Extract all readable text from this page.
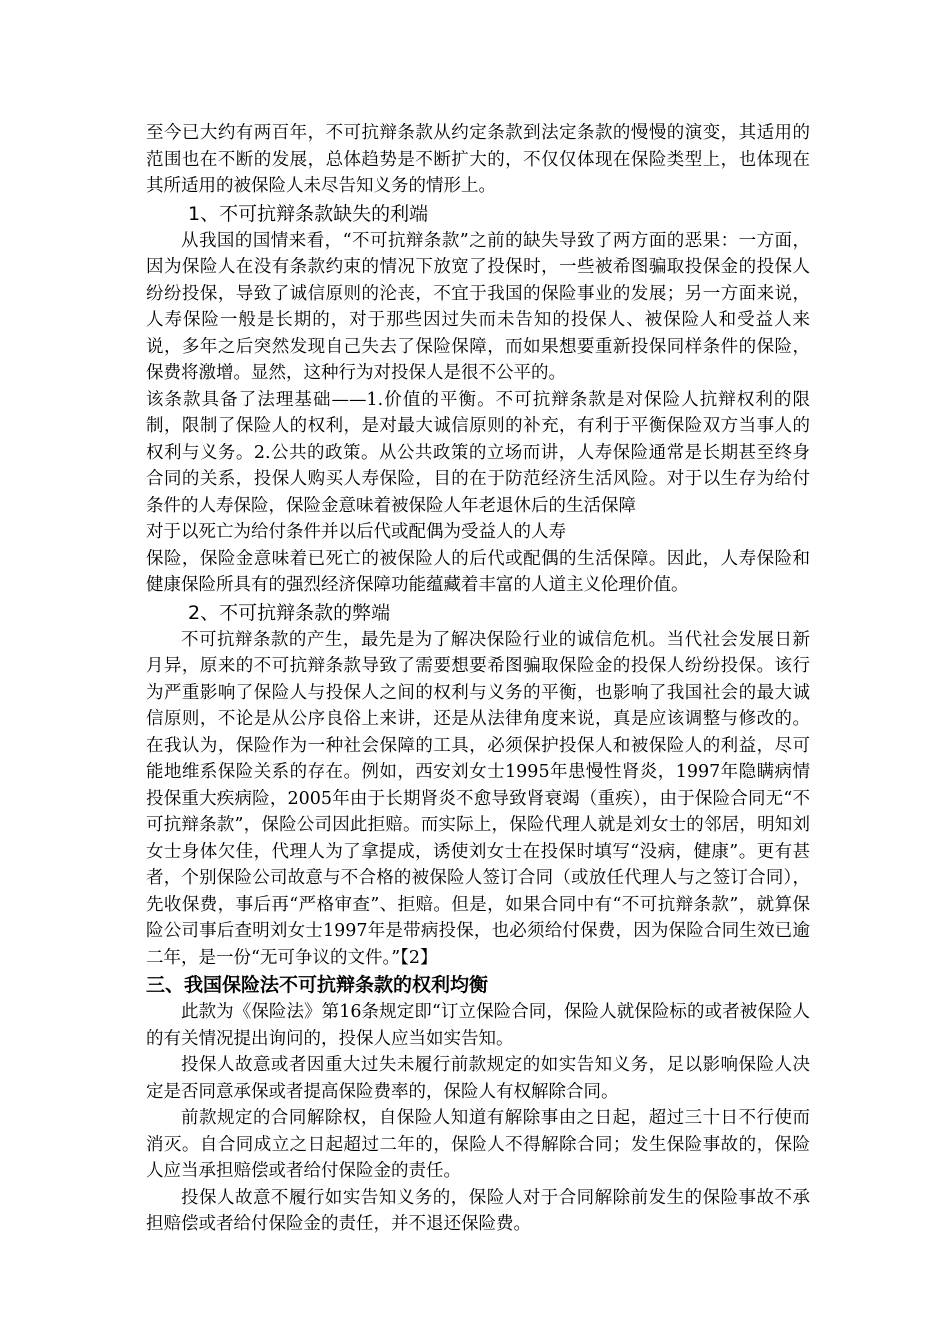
至今已大约有两百年，不可抗辩条款从约定条款到法定条款的慢慢的演变，其适用的范围也在不断的发展，总体趋势是不断扩大的，不仅仅体现在保险类型上，也体现在其所适用的被保险人未尽告知义务的情形上。

1、不可抗辩条款缺失的利端

从我国的国情来看，“不可抗辩条款”之前的缺失导致了两方面的恶果：一方面，因为保险人在没有条款约束的情况下放宽了投保时，一些被希图骗取投保金的投保人纷纷投保，导致了诚信原则的沦丧，不宜于我国的保险事业的发展；另一方面来说，人寿保险一般是长期的，对于那些因过失而未告知的投保人、被保险人和受益人来说，多年之后突然发现自己失去了保险保障，而如果想要重新投保同样条件的保险，保费将激增。显然，这种行为对投保人是很不公平的。

该条款具备了法理基础——1.价值的平衡。不可抗辩条款是对保险人抗辩权利的限制，限制了保险人的权利，是对最大诚信原则的补充，有利于平衡保险双方当事人的权利与义务。2.公共的政策。从公共政策的立场而讲，人寿保险通常是长期甚至终身合同的关系，投保人购买人寿保险，目的在于防范经济生活风险。对于以生存为给付条件的人寿保险，保险金意味着被保险人年老退休后的生活保障

对于以死亡为给付条件并以后代或配偶为受益人的人寿

保险，保险金意味着已死亡的被保险人的后代或配偶的生活保障。因此，人寿保险和健康保险所具有的强烈经济保障功能蕴藏着丰富的人道主义伦理价值。

2、不可抗辩条款的弊端

不可抗辩条款的产生，最先是为了解决保险行业的诚信危机。当代社会发展日新月异，原来的不可抗辩条款导致了需要想要希图骗取保险金的投保人纷纷投保。该行为严重影响了保险人与投保人之间的权利与义务的平衡，也影响了我国社会的最大诚信原则，不论是从公序良俗上来讲，还是从法律角度来说，真是应该调整与修改的。在我认为，保险作为一种社会保障的工具，必须保护投保人和被保险人的利益，尽可能地维系保险关系的存在。例如，西安刘女士1995年患慢性肾炎，1997年隐瞒病情投保重大疾病险，2005年由于长期肾炎不愈导致肾衰竭（重疾），由于保险合同无“不可抗辩条款”，保险公司因此拒赔。而实际上，保险代理人就是刘女士的邻居，明知刘女士身体欠佳，代理人为了拿提成，诱使刘女士在投保时填写“没病，健康”。更有甚者，个别保险公司故意与不合格的被保险人签订合同（或放任代理人与之签订合同），先收保费，事后再“严格审查”、拒赔。但是，如果合同中有“不可抗辩条款”，就算保险公司事后查明刘女士1997年是带病投保，也必须给付保费，因为保险合同生效已逾二年，是一份“无可争议的文件。”【2】

三、我国保险法不可抗辩条款的权利均衡

此款为《保险法》第16条规定即“订立保险合同，保险人就保险标的或者被保险人的有关情况提出询问的，投保人应当如实告知。

投保人故意或者因重大过失未履行前款规定的如实告知义务，足以影响保险人决定是否同意承保或者提高保险费率的，保险人有权解除合同。

前款规定的合同解除权，自保险人知道有解除事由之日起，超过三十日不行使而消灭。自合同成立之日起超过二年的，保险人不得解除合同；发生保险事故的，保险人应当承担赔偿或者给付保险金的责任。

投保人故意不履行如实告知义务的，保险人对于合同解除前发生的保险事故不承担赔偿或者给付保险金的责任，并不退还保险费。
